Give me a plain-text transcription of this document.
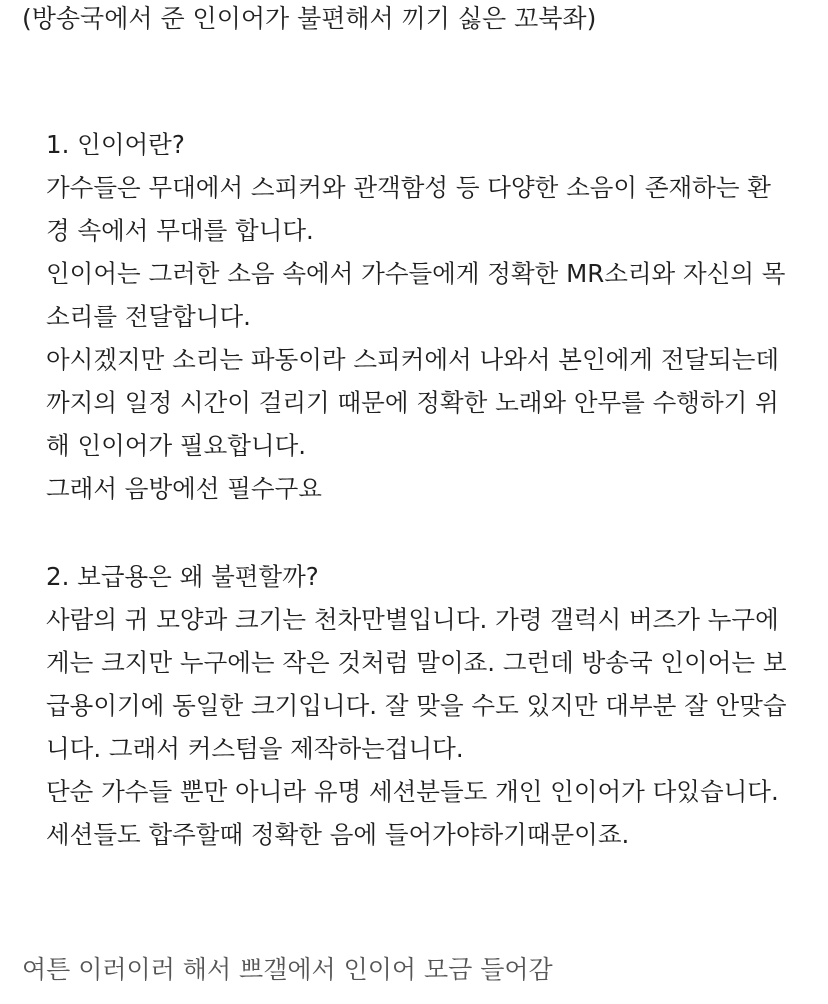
(방송국에서 준 인이어가 불편해서 끼기 싫은 꼬북좌)

1. 인이어란?

가수들은 무대에서 스피커와 관객함성 등 다양한 소음이 존재하는 환
경 속에서 무대를 합니다.
인이어는 그러한 소음 속에서 가수들에게 정확한 MR소리와 자신의 목
소리를 전달합니다.
아시겠지만 소리는 파동이라 스피커에서 나와서 본인에게 전달되는데
까지의 일정 시간이 걸리기 때문에 정확한 노래와 안무를 수행하기 위
해 인이어가 필요합니다.
그래서 음방에선 필수구요

2. 보급용은 왜 불편할까?

사람의 귀 모양과 크기는 천차만별입니다. 가령 갤럭시 버즈가 누구에
게는 크지만 누구에는 작은 것처럼 말이죠. 그런데 방송국 인이어는 보
급용이기에 동일한 크기입니다. 잘 맞을 수도 있지만 대부분 잘 안맞습
니다. 그래서 커스텀을 제작하는겁니다.
단순 가수들 뿐만 아니라 유명 세션분들도 개인 인이어가 다있습니다.
세션들도 합주할때 정확한 음에 들어가야하기때문이죠.
여튼 이러이러 해서 쁘갤에서 인이어 모금 들어감
